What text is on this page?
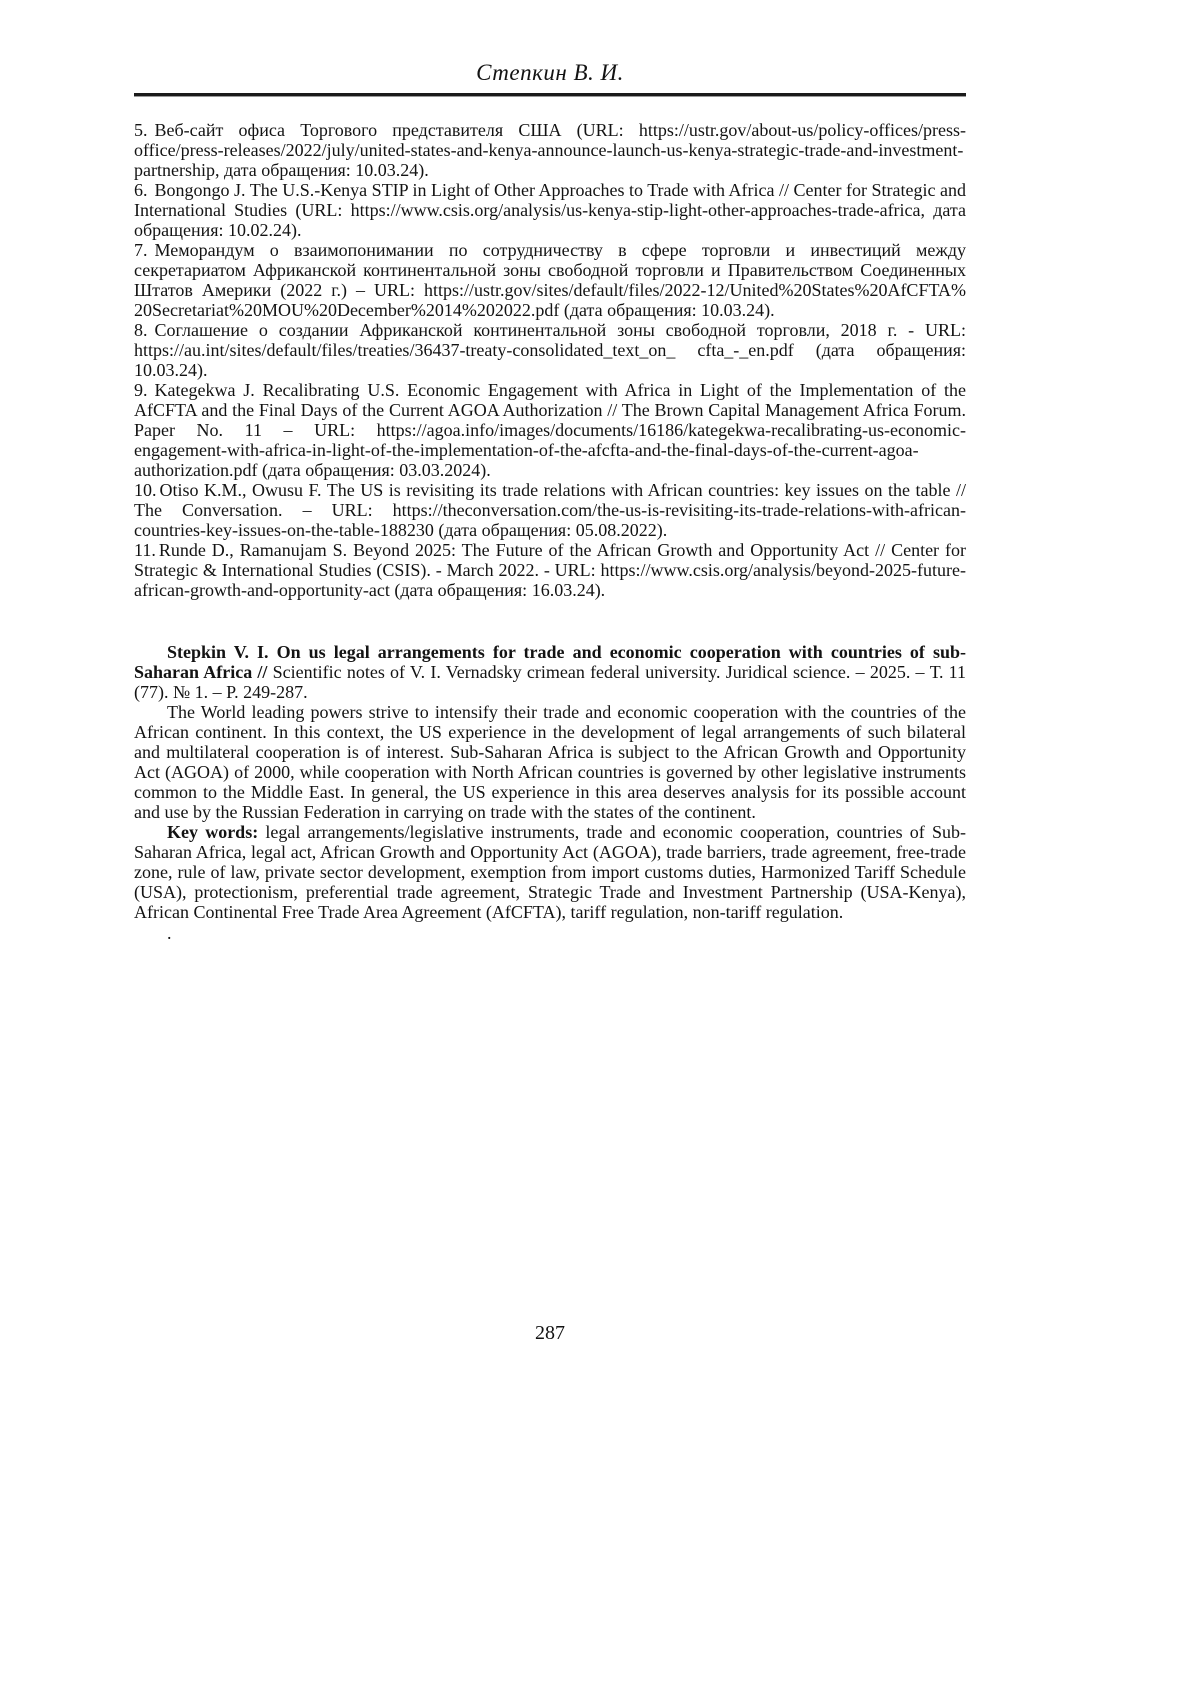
Степкин В. И.

5. Веб-сайт офиса Торгового представителя США (URL: https://ustr.gov/about-us/policy-offices/press-office/press-releases/2022/july/united-states-and-kenya-announce-launch-us-kenya-strategic-trade-and-investment-partnership, дата обращения: 10.03.24).

6. Bongongo J. The U.S.-Kenya STIP in Light of Other Approaches to Trade with Africa // Center for Strategic and International Studies (URL: https://www.csis.org/analysis/us-kenya-stip-light-other-approaches-trade-africa, дата обращения: 10.02.24).

7. Меморандум о взаимопонимании по сотрудничеству в сфере торговли и инвестиций между секретариатом Африканской континентальной зоны свободной торговли и Правительством Соединенных Штатов Америки (2022 г.) – URL: https://ustr.gov/sites/default/files/2022-12/United%20States%20AfCFTA% 20Secretariat%20MOU%20December%2014%202022.pdf (дата обращения: 10.03.24).

8. Соглашение о создании Африканской континентальной зоны свободной торговли, 2018 г. - URL: https://au.int/sites/default/files/treaties/36437-treaty-consolidated_text_on_ cfta_-_en.pdf (дата обращения: 10.03.24).

9. Kategekwa J. Recalibrating U.S. Economic Engagement with Africa in Light of the Implementation of the AfCFTA and the Final Days of the Current AGOA Authorization // The Brown Capital Management Africa Forum. Paper No. 11 – URL: https://agoa.info/images/documents/16186/kategekwa-recalibrating-us-economic-engagement-with-africa-in-light-of-the-implementation-of-the-afcfta-and-the-final-days-of-the-current-agoa-authorization.pdf (дата обращения: 03.03.2024).

10. Otiso K.M., Owusu F. The US is revisiting its trade relations with African countries: key issues on the table // The Conversation. – URL: https://theconversation.com/the-us-is-revisiting-its-trade-relations-with-african-countries-key-issues-on-the-table-188230 (дата обращения: 05.08.2022).

11. Runde D., Ramanujam S. Beyond 2025: The Future of the African Growth and Opportunity Act // Center for Strategic & International Studies (CSIS). - March 2022. - URL: https://www.csis.org/analysis/beyond-2025-future-african-growth-and-opportunity-act (дата обращения: 16.03.24).

Stepkin V. I. On us legal arrangements for trade and economic cooperation with countries of sub-Saharan Africa // Scientific notes of V. I. Vernadsky crimean federal university. Juridical science. – 2025. – Т. 11 (77). № 1. – P. 249-287.

The World leading powers strive to intensify their trade and economic cooperation with the countries of the African continent. In this context, the US experience in the development of legal arrangements of such bilateral and multilateral cooperation is of interest. Sub-Saharan Africa is subject to the African Growth and Opportunity Act (AGOA) of 2000, while cooperation with North African countries is governed by other legislative instruments common to the Middle East. In general, the US experience in this area deserves analysis for its possible account and use by the Russian Federation in carrying on trade with the states of the continent.

Key words: legal arrangements/legislative instruments, trade and economic cooperation, countries of Sub-Saharan Africa, legal act, African Growth and Opportunity Act (AGOA), trade barriers, trade agreement, free-trade zone, rule of law, private sector development, exemption from import customs duties, Harmonized Tariff Schedule (USA), protectionism, preferential trade agreement, Strategic Trade and Investment Partnership (USA-Kenya), African Continental Free Trade Area Agreement (AfCFTA), tariff regulation, non-tariff regulation.

.

287
